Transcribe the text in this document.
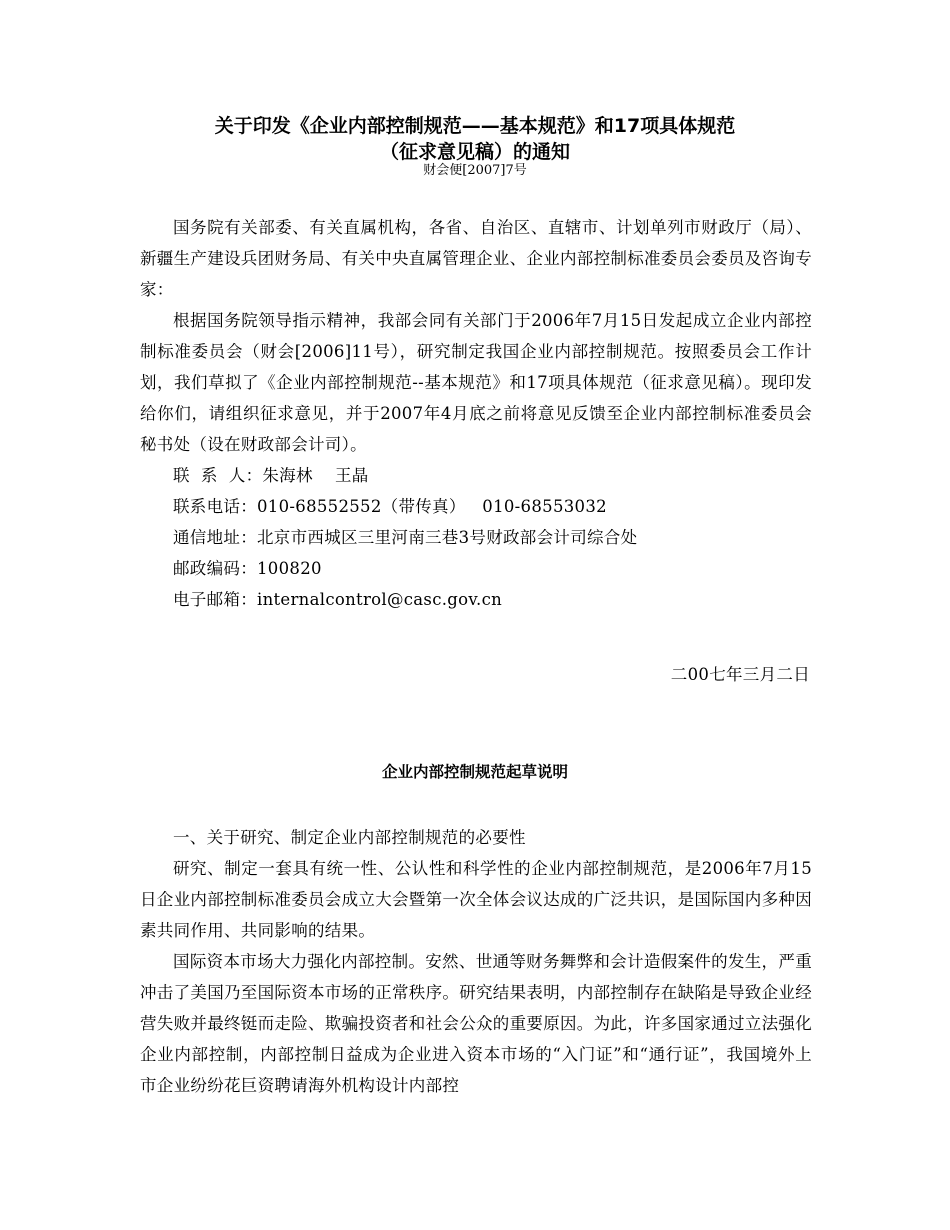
关于印发《企业内部控制规范——基本规范》和17项具体规范
（征求意见稿）的通知
财会便[2007]7号

国务院有关部委、有关直属机构，各省、自治区、直辖市、计划单列市财政厅（局）、新疆生产建设兵团财务局、有关中央直属管理企业、企业内部控制标准委员会委员及咨询专家：

根据国务院领导指示精神，我部会同有关部门于2006年7月15日发起成立企业内部控制标准委员会（财会[2006]11号），研究制定我国企业内部控制规范。按照委员会工作计划，我们草拟了《企业内部控制规范--基本规范》和17项具体规范（征求意见稿）。现印发给你们，请组织征求意见，并于2007年4月底之前将意见反馈至企业内部控制标准委员会秘书处（设在财政部会计司）。

联  系  人：朱海林    王晶

联系电话：010-68552552（带传真）   010-68553032

通信地址：北京市西城区三里河南三巷3号财政部会计司综合处

邮政编码：100820

电子邮箱：internalcontrol@casc.gov.cn

二00七年三月二日
企业内部控制规范起草说明

一、关于研究、制定企业内部控制规范的必要性

研究、制定一套具有统一性、公认性和科学性的企业内部控制规范，是2006年7月15日企业内部控制标准委员会成立大会暨第一次全体会议达成的广泛共识，是国际国内多种因素共同作用、共同影响的结果。

国际资本市场大力强化内部控制。安然、世通等财务舞弊和会计造假案件的发生，严重冲击了美国乃至国际资本市场的正常秩序。研究结果表明，内部控制存在缺陷是导致企业经营失败并最终铤而走险、欺骗投资者和社会公众的重要原因。为此，许多国家通过立法强化企业内部控制，内部控制日益成为企业进入资本市场的“入门证”和“通行证”，我国境外上市企业纷纷花巨资聘请海外机构设计内部控
